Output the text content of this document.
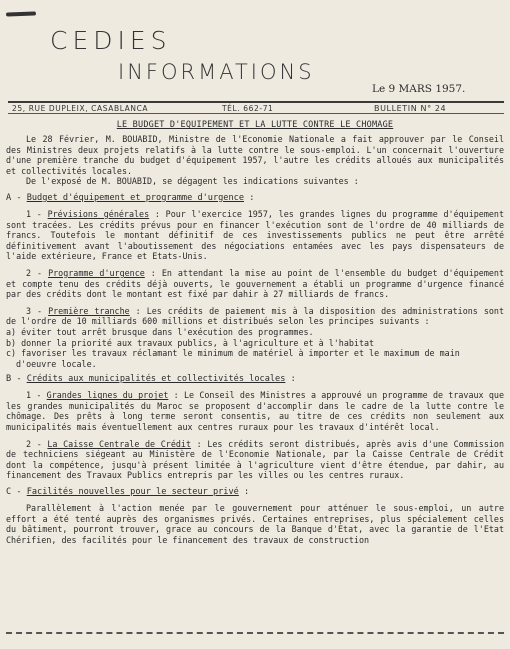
CEDIES
INFORMATIONS
Le 9 MARS 1957.
25, RUE DUPLEIX, CASABLANCA	TÉL. 662-71	BULLETIN N° 24
LE BUDGET D'EQUIPEMENT ET LA LUTTE CONTRE LE CHOMAGE

Le 28 Février, M. BOUABID, Ministre de l'Economie Nationale a fait approuver par le Conseil des Ministres deux projets relatifs à la lutte contre le sous-emploi. L'un concernait l'ouverture d'une première tranche du budget d'équipement 1957, l'autre les crédits alloués aux municipalités et collectivités locales.

De l'exposé de M. BOUABID, se dégagent les indications suivantes :

A - Budget d'équipement et programme d'urgence :

1 - Prévisions générales : Pour l'exercice 1957, les grandes lignes du programme d'équipement sont tracées. Les crédits prévus pour en financer l'exécution sont de l'ordre de 40 milliards de francs. Toutefois le montant définitif de ces investissements publics ne peut être arrêté définitivement avant l'aboutissement des négociations entamées avec les pays dispensateurs de l'aide extérieure, France et Etats-Unis.

2 - Programme d'urgence : En attendant la mise au point de l'ensemble du budget d'équipement et compte tenu des crédits déjà ouverts, le gouvernement a établi un programme d'urgence financé par des crédits dont le montant est fixé par dahir à 27 milliards de francs.

3 - Première tranche : Les crédits de paiement mis à la disposition des administrations sont de l'ordre de 10 milliards 600 millions et distribués selon les principes suivants :

a) éviter tout arrêt brusque dans l'exécution des programmes.

b) donner la priorité aux travaux publics, à l'agriculture et à l'habitat

c) favoriser les travaux réclamant le minimum de matériel à importer et le maximum de main d'oeuvre locale.

B - Crédits aux municipalités et collectivités locales :

1 - Grandes lignes du projet : Le Conseil des Ministres a approuvé un programme de travaux que les grandes municipalités du Maroc se proposent d'accomplir dans le cadre de la lutte contre le chômage. Des prêts à long terme seront consentis, au titre de ces crédits non seulement aux municipalités mais éventuellement aux centres ruraux pour les travaux d'intérêt local.

2 - La Caisse Centrale de Crédit : Les crédits seront distribués, après avis d'une Commission de techniciens siégeant au Ministère de l'Economie Nationale, par la Caisse Centrale de Crédit dont la compétence, jusqu'à présent limitée à l'agriculture vient d'être étendue, par dahir, au financement des Travaux Publics entrepris par les villes ou les centres ruraux.

C - Facilités nouvelles pour le secteur privé :

Parallèlement à l'action menée par le gouvernement pour atténuer le sous-emploi, un autre effort a été tenté auprès des organismes privés. Certaines entreprises, plus spécialement celles du bâtiment, pourront trouver, grace au concours de la Banque d'Etat, avec la garantie de l'Etat Chérifien, des facilités pour le financement des travaux de construction
